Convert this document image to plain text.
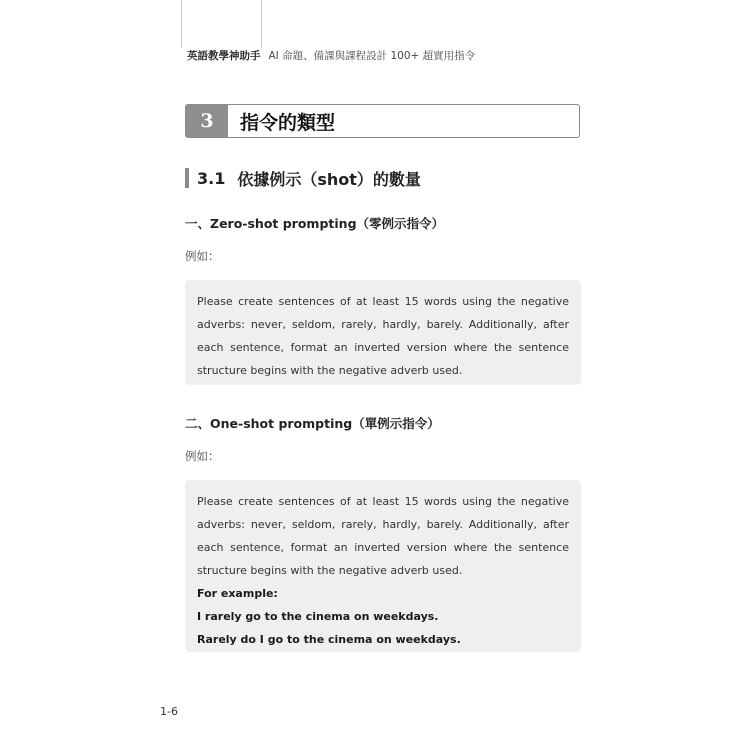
英語教學神助手 AI 命題、備課與課程設計 100+ 超實用指令
3	指令的類型
3.1 依據例示（shot）的數量
一、Zero-shot prompting（零例示指令）
例如：
Please create sentences of at least 15 words using the negative adverbs: never, seldom, rarely, hardly, barely. Additionally, after each sentence, format an inverted version where the sentence structure begins with the negative adverb used.
二、One-shot prompting（單例示指令）
例如：
Please create sentences of at least 15 words using the negative adverbs: never, seldom, rarely, hardly, barely. Additionally, after each sentence, format an inverted version where the sentence structure begins with the negative adverb used.
For example:
I rarely go to the cinema on weekdays.
Rarely do I go to the cinema on weekdays.
1-6
